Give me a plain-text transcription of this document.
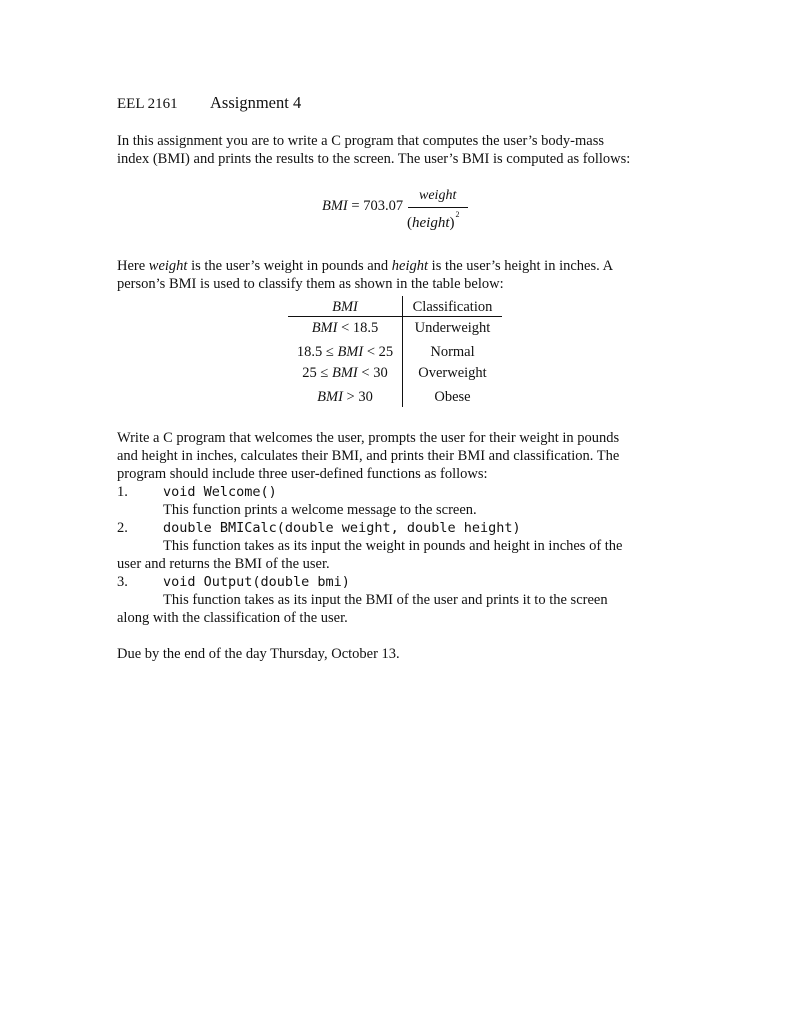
EEL 2161 Assignment 4
In this assignment you are to write a C program that computes the user’s body-mass
index (BMI) and prints the results to the screen. The user’s BMI is computed as follows:
BMI = 703.07
weight
(height)$^2$
Here weight is the user’s weight in pounds and height is the user’s height in inches. A
person’s BMI is used to classify them as shown in the table below:
BMI	Classification
BMI < 18.5	Underweight
18.5 ≤ BMI < 25	Normal
25 ≤ BMI < 30	Overweight
BMI > 30	Obese
Write a C program that welcomes the user, prompts the user for their weight in pounds
and height in inches, calculates their BMI, and prints their BMI and classification. The
program should include three user-defined functions as follows:
1.	void Welcome()
This function prints a welcome message to the screen.
2.	double BMICalc(double weight, double height)
This function takes as its input the weight in pounds and height in inches of the
user and returns the BMI of the user.
3.	void Output(double bmi)
This function takes as its input the BMI of the user and prints it to the screen
along with the classification of the user.
Due by the end of the day Thursday, October 13.
